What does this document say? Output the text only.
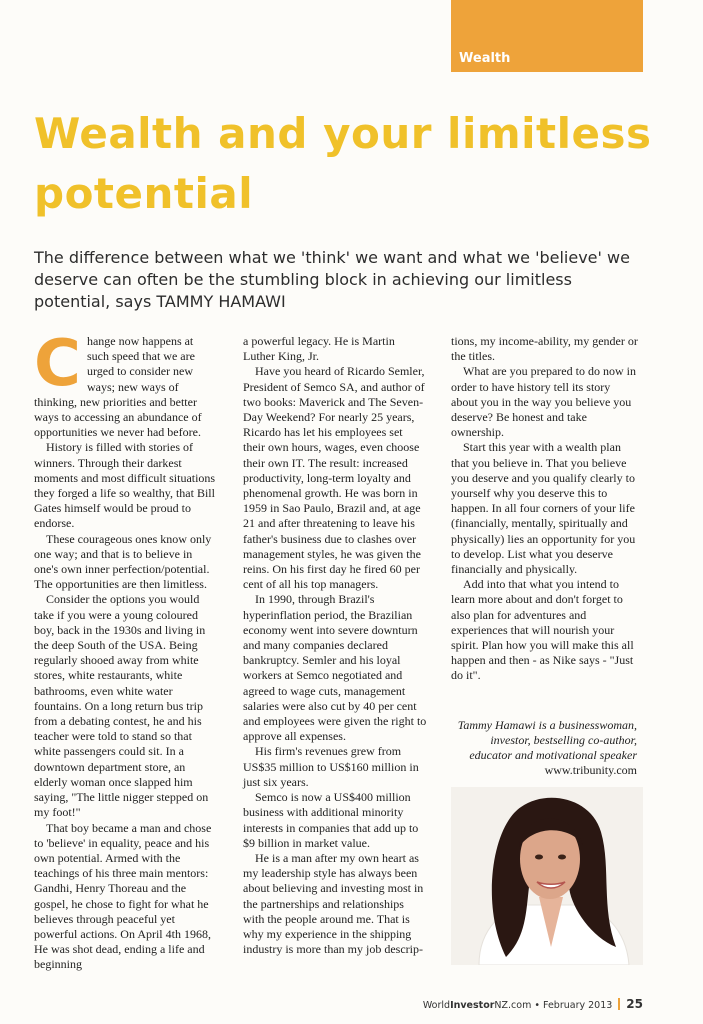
Wealth
Wealth and your limitless potential

The difference between what we 'think' we want and what we 'believe' we deserve can often be the stumbling block in achieving our limitless potential, says TAMMY HAMAWI

Change now happens at such speed that we are urged to consider new ways; new ways of thinking, new priorities and better ways to accessing an abundance of opportunities we never had before.

History is filled with stories of winners. Through their darkest moments and most difficult situations they forged a life so wealthy, that Bill Gates himself would be proud to endorse.

These courageous ones know only one way; and that is to believe in one's own inner perfection/potential. The opportunities are then limitless.

Consider the options you would take if you were a young coloured boy, back in the 1930s and living in the deep South of the USA. Being regularly shooed away from white stores, white restaurants, white bathrooms, even white water fountains. On a long return bus trip from a debating contest, he and his teacher were told to stand so that white passengers could sit. In a downtown department store, an elderly woman once slapped him saying, "The little nigger stepped on my foot!"

That boy became a man and chose to 'believe' in equality, peace and his own potential. Armed with the teachings of his three main mentors: Gandhi, Henry Thoreau and the gospel, he chose to fight for what he believes through peaceful yet powerful actions. On April 4th 1968, He was shot dead, ending a life and beginning

a powerful legacy. He is Martin Luther King, Jr.

Have you heard of Ricardo Semler, President of Semco SA, and author of two books: Maverick and The Seven-Day Weekend? For nearly 25 years, Ricardo has let his employees set their own hours, wages, even choose their own IT. The result: increased productivity, long-term loyalty and phenomenal growth. He was born in 1959 in Sao Paulo, Brazil and, at age 21 and after threatening to leave his father's business due to clashes over management styles, he was given the reins. On his first day he fired 60 per cent of all his top managers.

In 1990, through Brazil's hyperinflation period, the Brazilian economy went into severe downturn and many companies declared bankruptcy. Semler and his loyal workers at Semco negotiated and agreed to wage cuts, management salaries were also cut by 40 per cent and employees were given the right to approve all expenses.

His firm's revenues grew from US$35 million to US$160 million in just six years.

Semco is now a US$400 million business with additional minority interests in companies that add up to $9 billion in market value.

He is a man after my own heart as my leadership style has always been about believing and investing most in the partnerships and relationships with the people around me. That is why my experience in the shipping industry is more than my job descrip-

tions, my income-ability, my gender or the titles.

What are you prepared to do now in order to have history tell its story about you in the way you believe you deserve? Be honest and take ownership.

Start this year with a wealth plan that you believe in. That you believe you deserve and you qualify clearly to yourself why you deserve this to happen. In all four corners of your life (financially, mentally, spiritually and physically) lies an opportunity for you to develop. List what you deserve financially and physically.

Add into that what you intend to learn more about and don't forget to also plan for adventures and experiences that will nourish your spirit. Plan how you will make this all happen and then - as Nike says - "Just do it".

Tammy Hamawi is a businesswoman, investor, bestselling co-author, educator and motivational speaker
www.tribunity.com
WorldInvestorNZ.com • February 2013 25
